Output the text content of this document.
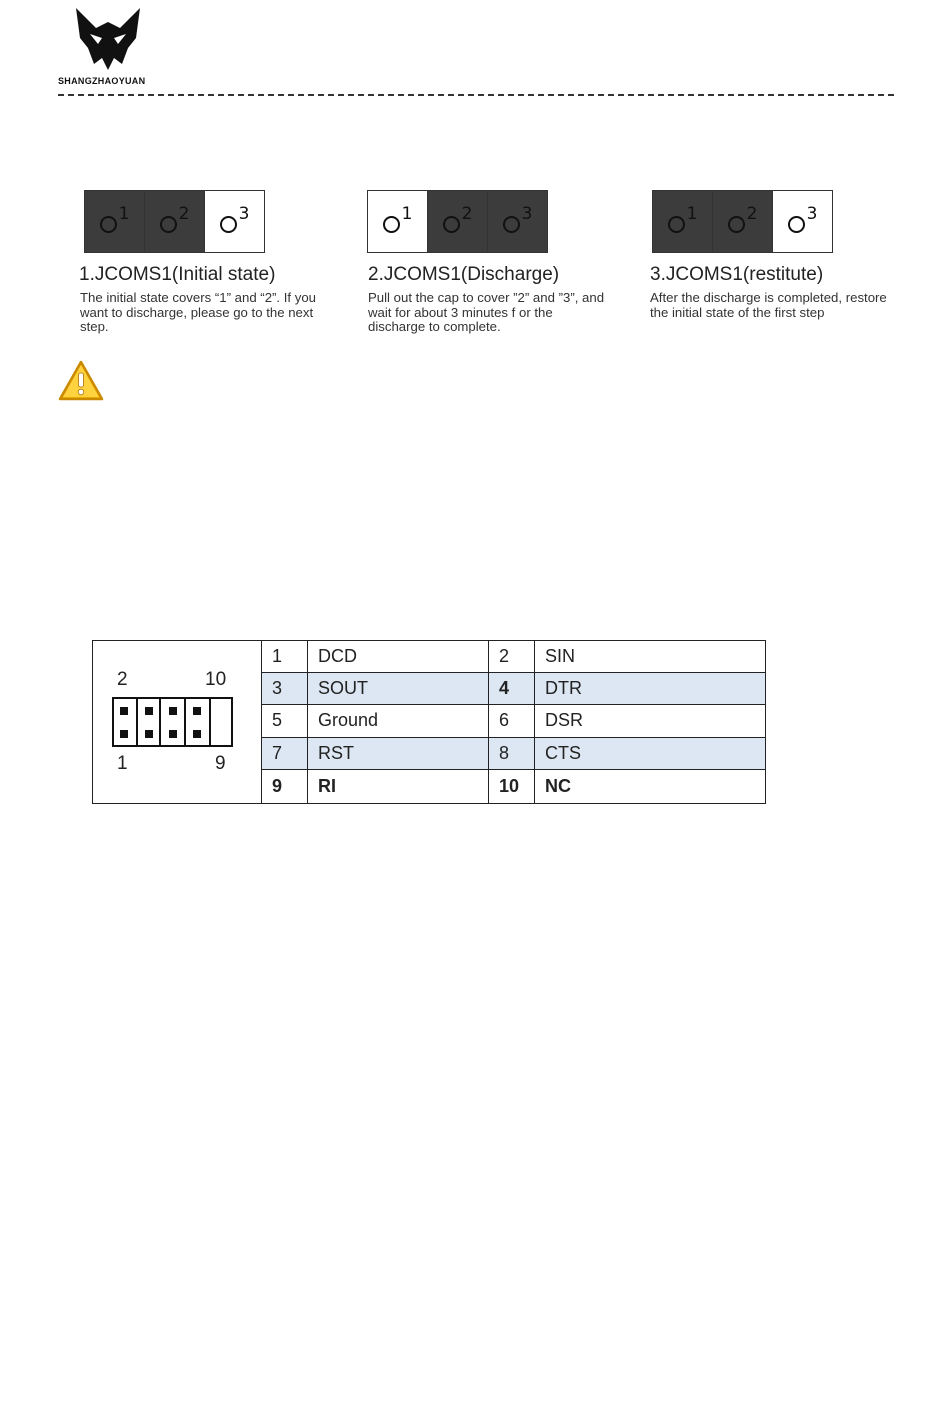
SHANGZHAOYUAN
1	2	3
1.JCOMS1(Initial state)
The initial state covers “1” and “2”. If you want to discharge, please go to the next step.
1	2	3
2.JCOMS1(Discharge)
Pull out the cap to cover ”2” and ”3”, and wait for about 3 minutes f or the discharge to complete.
1	2	3
3.JCOMS1(restitute)
After the discharge is completed, restore the initial state of the first step
2 10
1 9	1	DCD	2	SIN
	3	SOUT	4	DTR
	5	Ground	6	DSR
	7	RST	8	CTS
	9	RI	10	NC
